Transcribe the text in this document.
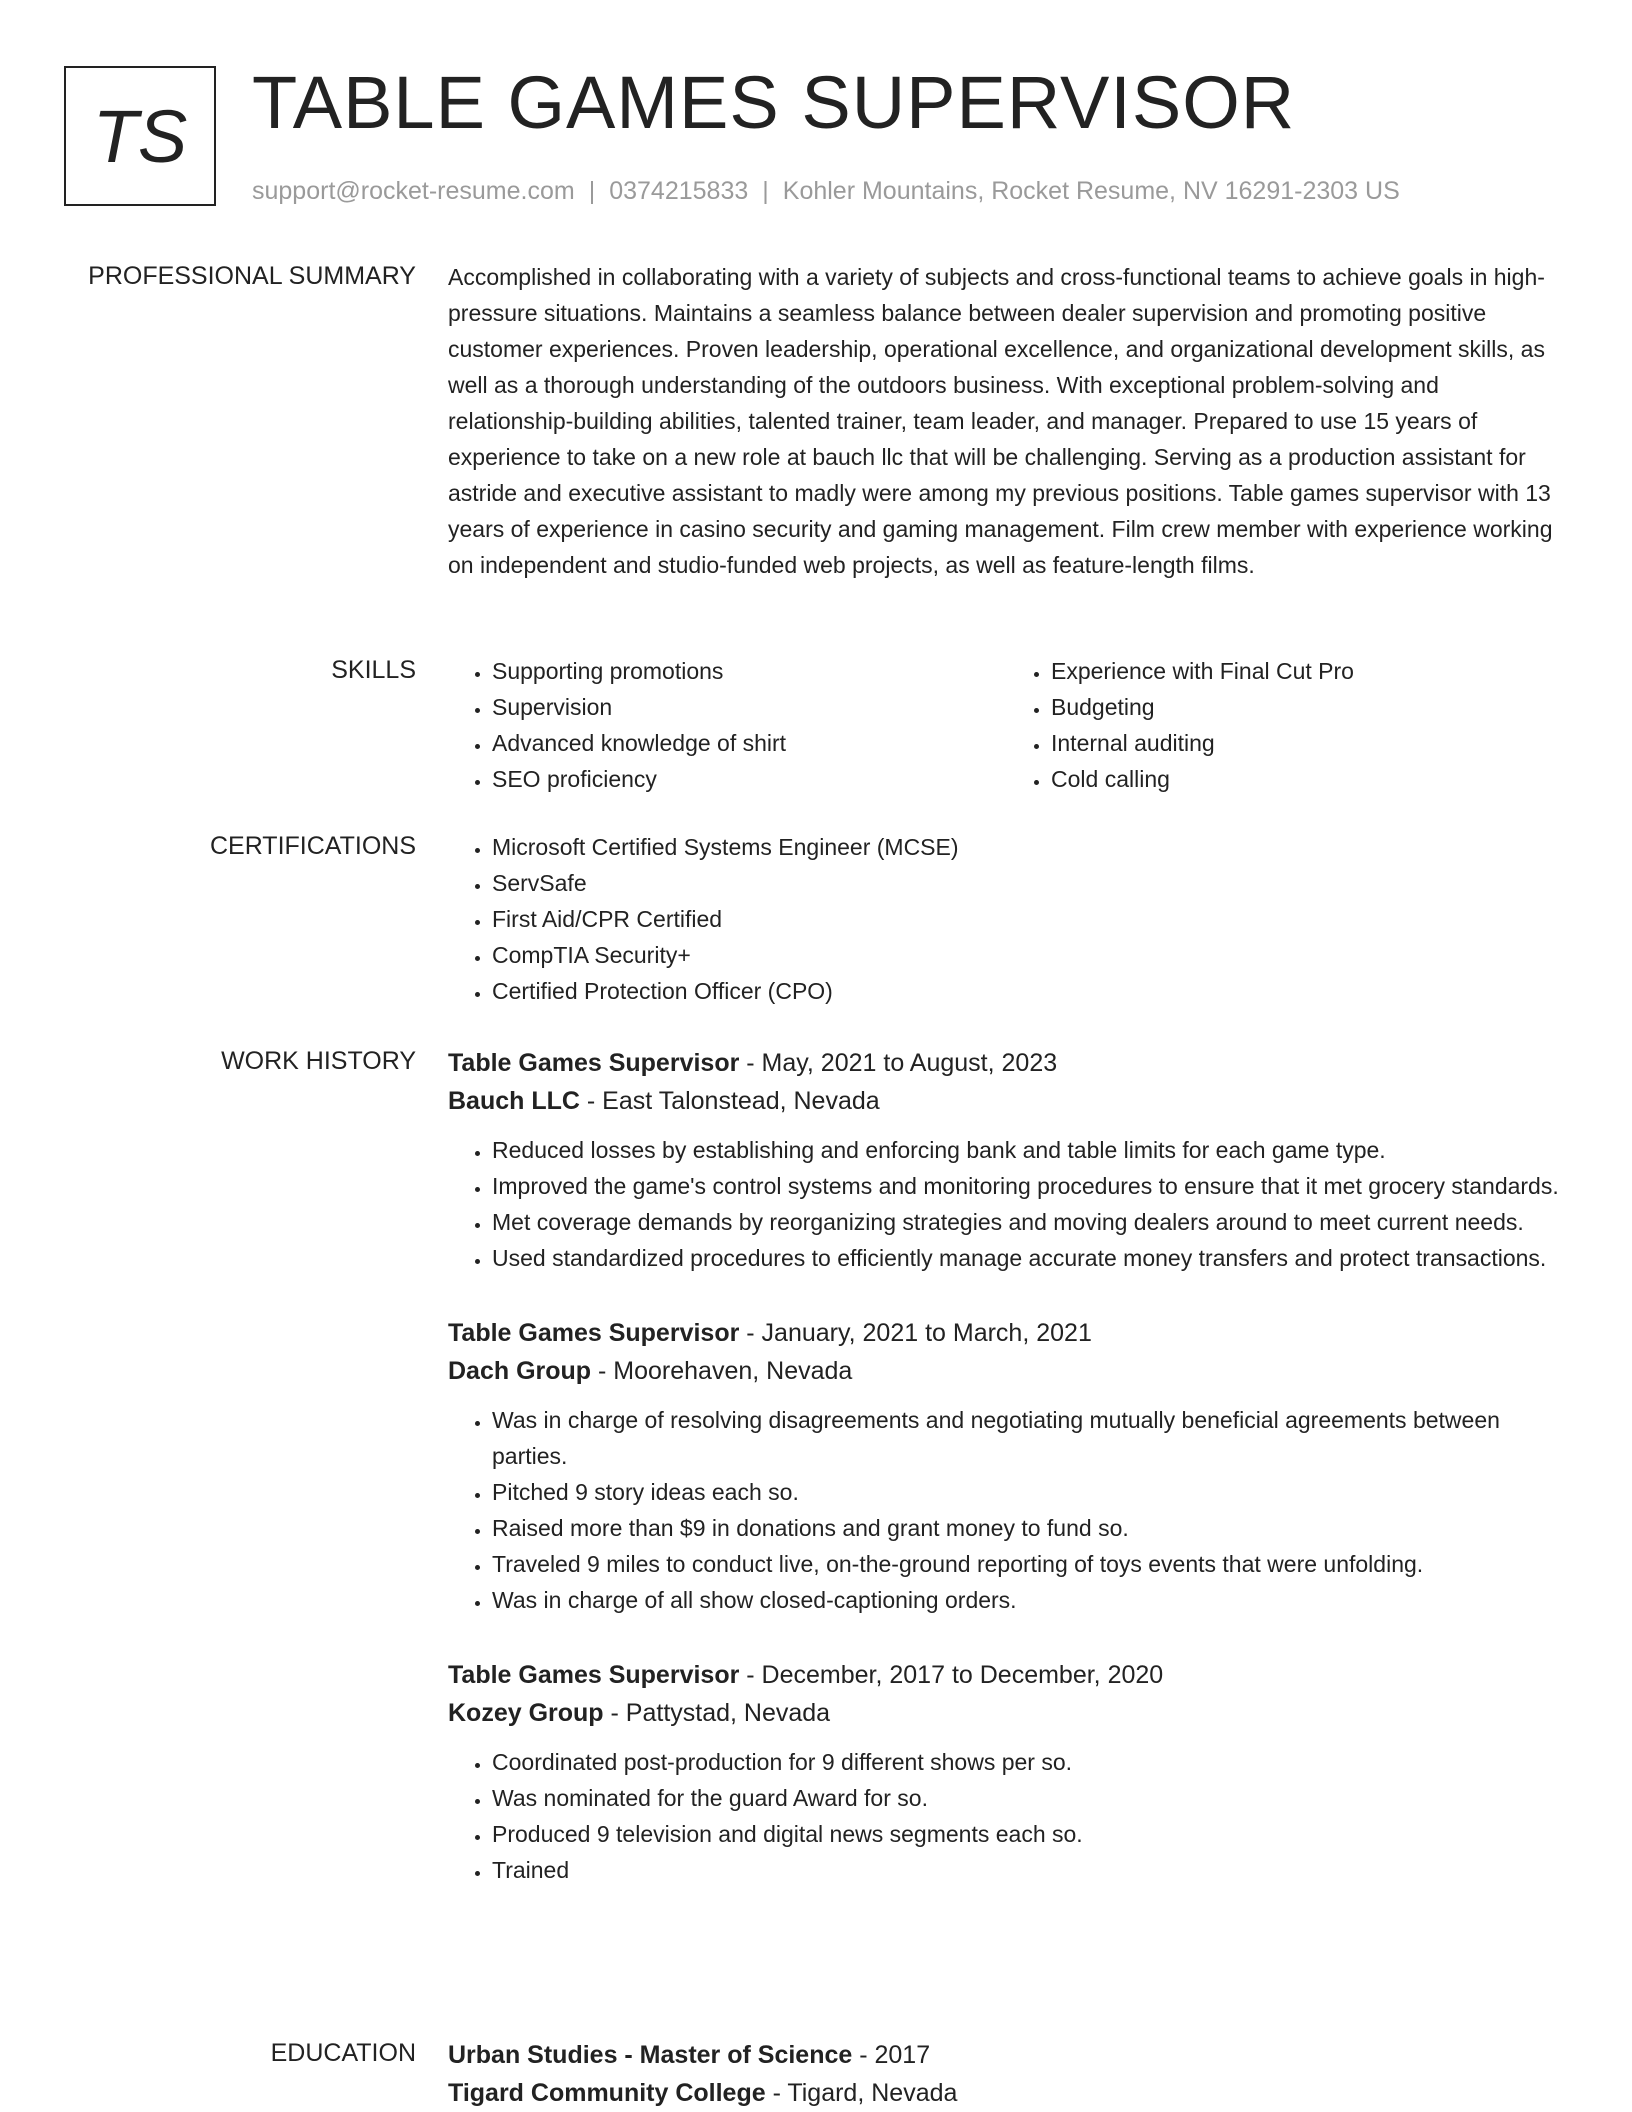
TS TABLE GAMES SUPERVISOR
support@rocket-resume.com | 0374215833 | Kohler Mountains, Rocket Resume, NV 16291-2303 US
PROFESSIONAL SUMMARY Accomplished in collaborating with a variety of subjects and cross-functional teams to achieve goals in high-pressure situations. Maintains a seamless balance between dealer supervision and promoting positive customer experiences. Proven leadership, operational excellence, and organizational development skills, as well as a thorough understanding of the outdoors business. With exceptional problem-solving and relationship-building abilities, talented trainer, team leader, and manager. Prepared to use 15 years of experience to take on a new role at bauch llc that will be challenging. Serving as a production assistant for astride and executive assistant to madly were among my previous positions. Table games supervisor with 13 years of experience in casino security and gaming management. Film crew member with experience working on independent and studio-funded web projects, as well as feature-length films.

SKILLS	• Supporting promotions
• Supervision
• Advanced knowledge of shirt
• SEO proficiency
• Experience with Final Cut Pro
• Budgeting
• Internal auditing
• Cold calling
CERTIFICATIONS	• Microsoft Certified Systems Engineer (MCSE)
• ServSafe
• First Aid/CPR Certified
• CompTIA Security+
• Certified Protection Officer (CPO)
WORK HISTORY Table Games Supervisor - May, 2021 to August, 2023
Bauch LLC - East Talonstead, Nevada
• Reduced losses by establishing and enforcing bank and table limits for each game type.
• Improved the game's control systems and monitoring procedures to ensure that it met grocery standards.
• Met coverage demands by reorganizing strategies and moving dealers around to meet current needs.
• Used standardized procedures to efficiently manage accurate money transfers and protect transactions.
Table Games Supervisor - January, 2021 to March, 2021
Dach Group - Moorehaven, Nevada
• Was in charge of resolving disagreements and negotiating mutually beneficial agreements between parties.
• Pitched 9 story ideas each so.
• Raised more than $9 in donations and grant money to fund so.
• Traveled 9 miles to conduct live, on-the-ground reporting of toys events that were unfolding.
• Was in charge of all show closed-captioning orders.
Table Games Supervisor - December, 2017 to December, 2020
Kozey Group - Pattystad, Nevada
• Coordinated post-production for 9 different shows per so.
• Was nominated for the guard Award for so.
• Produced 9 television and digital news segments each so.
• Trained
EDUCATION Urban Studies - Master of Science - 2017
Tigard Community College - Tigard, Nevada
